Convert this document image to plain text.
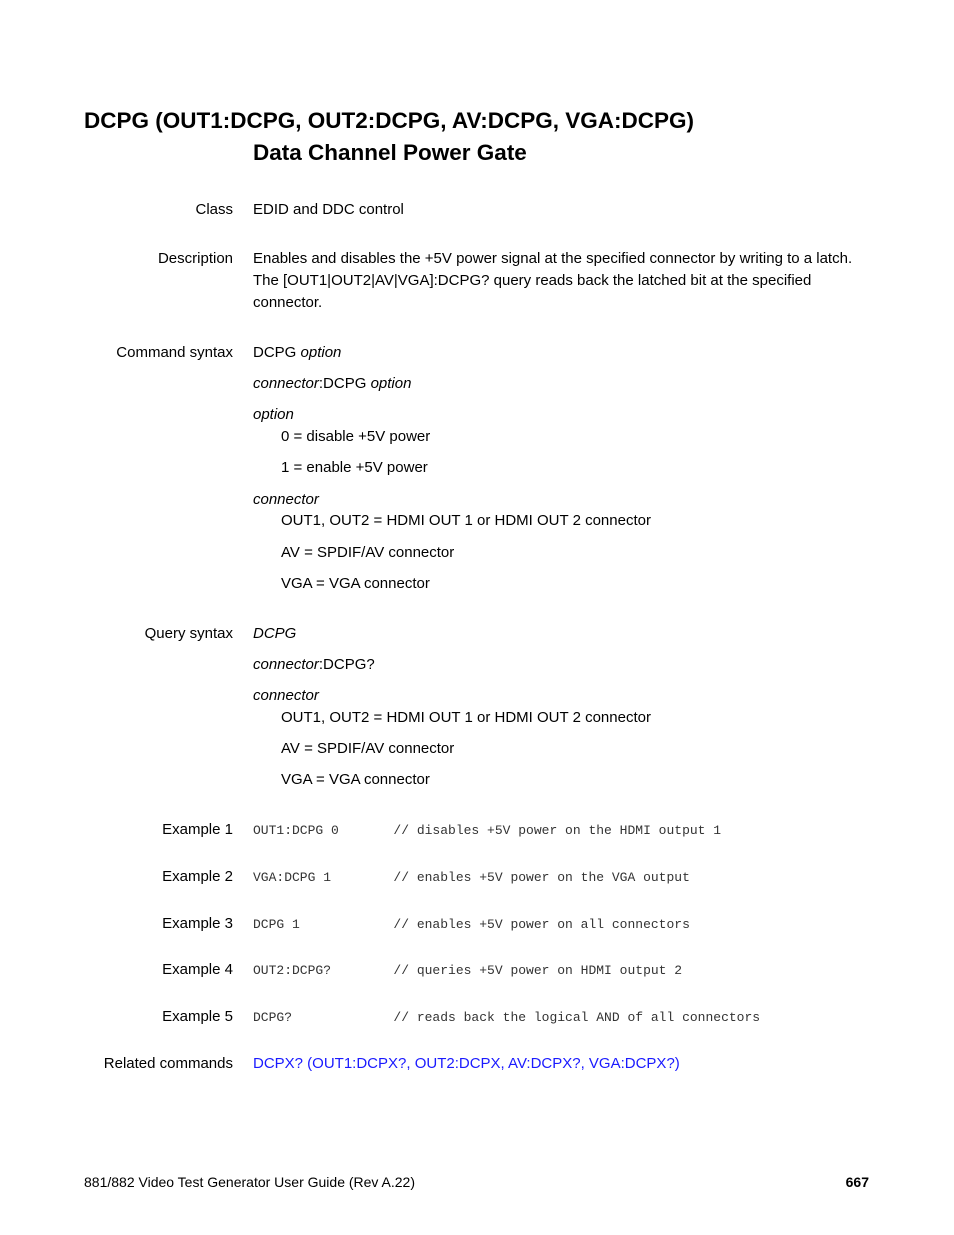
DCPG (OUT1:DCPG, OUT2:DCPG, AV:DCPG, VGA:DCPG)
Data Channel Power Gate
Class EDID and DDC control
Description Enables and disables the +5V power signal at the specified connector by writing to a latch.
The [OUT1|OUT2|AV|VGA]:DCPG? query reads back the latched bit at the specified
connector.
Command syntax DCPG option
connector:DCPG option
option
0 = disable +5V power
1 = enable +5V power
connector
OUT1, OUT2 = HDMI OUT 1 or HDMI OUT 2 connector
AV = SPDIF/AV connector
VGA = VGA connector
Query syntax DCPG
connector:DCPG?
connector
OUT1, OUT2 = HDMI OUT 1 or HDMI OUT 2 connector
AV = SPDIF/AV connector
VGA = VGA connector
Example 1 OUT1:DCPG 0       // disables +5V power on the HDMI output 1
Example 2 VGA:DCPG 1        // enables +5V power on the VGA output
Example 3 DCPG 1            // enables +5V power on all connectors
Example 4 OUT2:DCPG?        // queries +5V power on HDMI output 2
Example 5 DCPG?             // reads back the logical AND of all connectors
Related commands DCPX? (OUT1:DCPX?, OUT2:DCPX, AV:DCPX?, VGA:DCPX?)
881/882 Video Test Generator User Guide (Rev A.22)	667
